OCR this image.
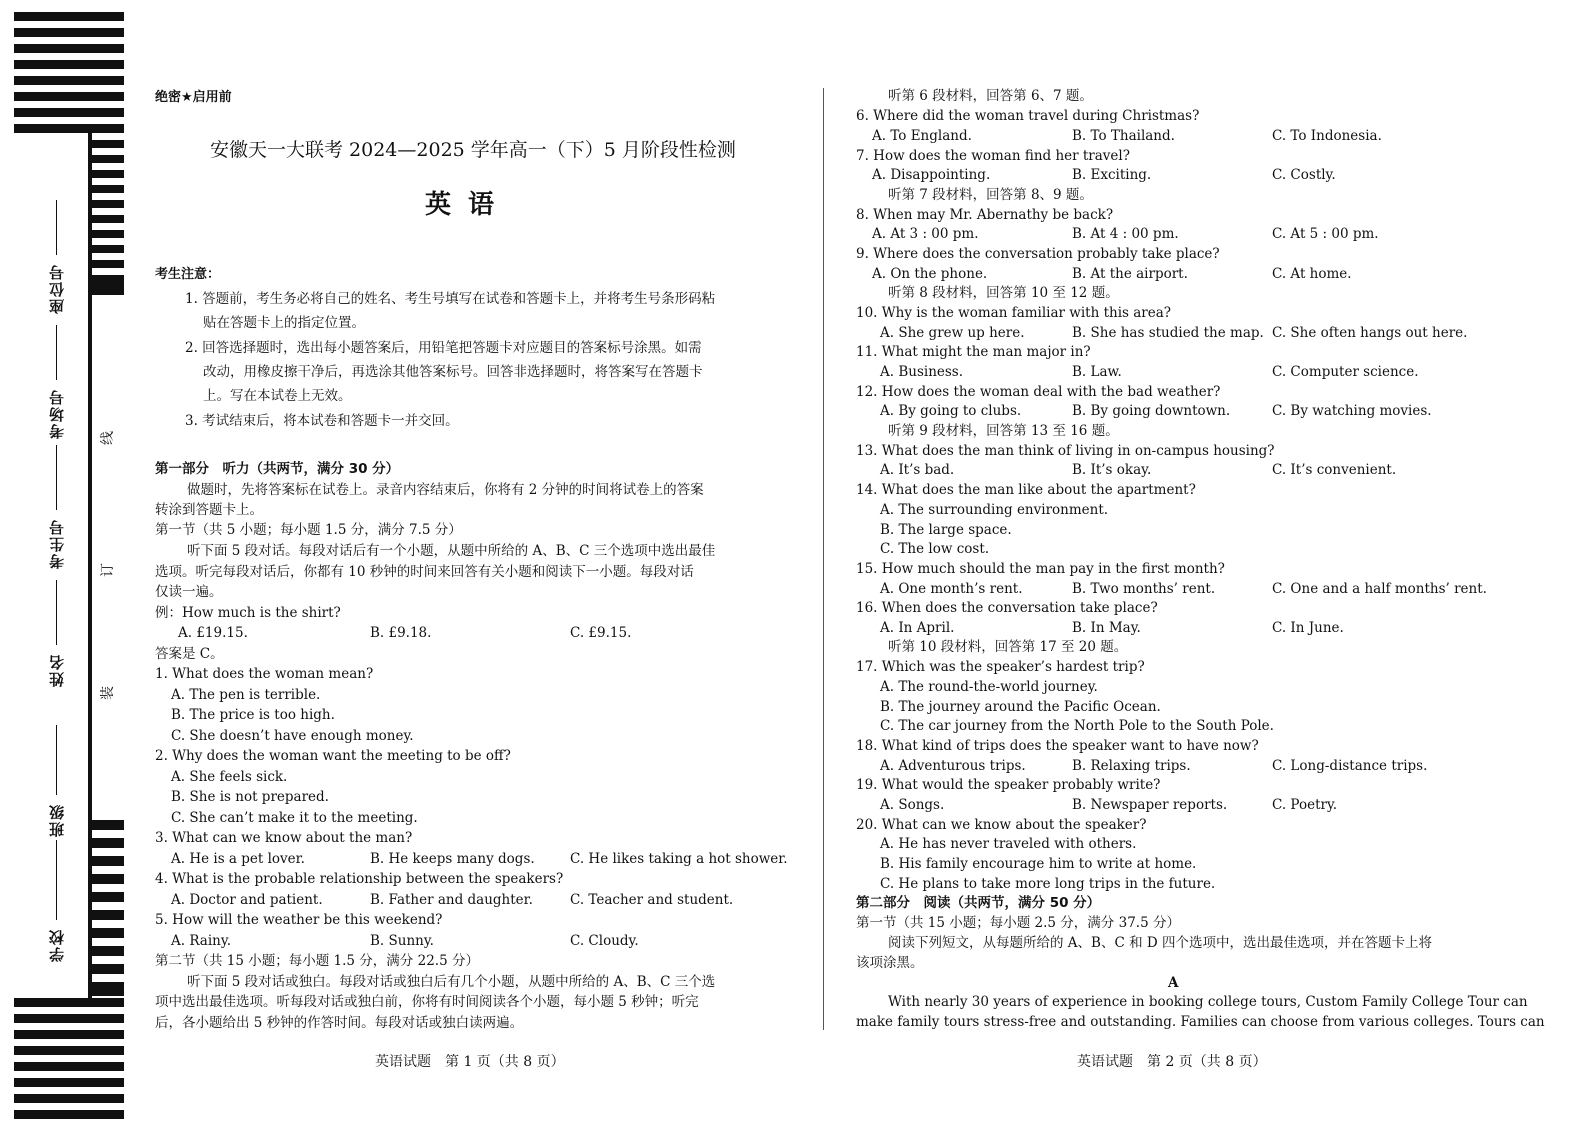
座位号
考场号
考生号
姓名
班级
学校
线
订
装
绝密★启用前
安徽天一大联考 2024—2025 学年高一（下）5 月阶段性检测
英 语
考生注意：
1. 答题前，考生务必将自己的姓名、考生号填写在试卷和答题卡上，并将考生号条形码粘
贴在答题卡上的指定位置。
2. 回答选择题时，选出每小题答案后，用铅笔把答题卡对应题目的答案标号涂黑。如需
改动，用橡皮擦干净后，再选涂其他答案标号。回答非选择题时，将答案写在答题卡
上。写在本试卷上无效。
3. 考试结束后，将本试卷和答题卡一并交回。
第一部分　听力（共两节，满分 30 分）
做题时，先将答案标在试卷上。录音内容结束后，你将有 2 分钟的时间将试卷上的答案
转涂到答题卡上。
第一节（共 5 小题；每小题 1.5 分，满分 7.5 分）
听下面 5 段对话。每段对话后有一个小题，从题中所给的 A、B、C 三个选项中选出最佳
选项。听完每段对话后，你都有 10 秒钟的时间来回答有关小题和阅读下一小题。每段对话
仅读一遍。
例：How much is the shirt?
A. £19.15.	B. £9.18.	C. £9.15.
答案是 C。
1. What does the woman mean?
A. The pen is terrible.
B. The price is too high.
C. She doesn’t have enough money.
2. Why does the woman want the meeting to be off?
A. She feels sick.
B. She is not prepared.
C. She can’t make it to the meeting.
3. What can we know about the man?
A. He is a pet lover.	B. He keeps many dogs.	C. He likes taking a hot shower.
4. What is the probable relationship between the speakers?
A. Doctor and patient.	B. Father and daughter.	C. Teacher and student.
5. How will the weather be this weekend?
A. Rainy.	B. Sunny.	C. Cloudy.
第二节（共 15 小题；每小题 1.5 分，满分 22.5 分）
听下面 5 段对话或独白。每段对话或独白后有几个小题，从题中所给的 A、B、C 三个选
项中选出最佳选项。听每段对话或独白前，你将有时间阅读各个小题，每小题 5 秒钟；听完
后，各小题给出 5 秒钟的作答时间。每段对话或独白读两遍。
英语试题　第 1 页（共 8 页）
听第 6 段材料，回答第 6、7 题。
6. Where did the woman travel during Christmas?
A. To England.	B. To Thailand.	C. To Indonesia.
7. How does the woman find her travel?
A. Disappointing.	B. Exciting.	C. Costly.
听第 7 段材料，回答第 8、9 题。
8. When may Mr. Abernathy be back?
A. At 3 : 00 pm.	B. At 4 : 00 pm.	C. At 5 : 00 pm.
9. Where does the conversation probably take place?
A. On the phone.	B. At the airport.	C. At home.
听第 8 段材料，回答第 10 至 12 题。
10. Why is the woman familiar with this area?
A. She grew up here.	B. She has studied the map. C. She often hangs out here.
11. What might the man major in?
A. Business.	B. Law.	C. Computer science.
12. How does the woman deal with the bad weather?
A. By going to clubs.	B. By going downtown.	C. By watching movies.
听第 9 段材料，回答第 13 至 16 题。
13. What does the man think of living in on-campus housing?
A. It’s bad.	B. It’s okay.	C. It’s convenient.
14. What does the man like about the apartment?
A. The surrounding environment.
B. The large space.
C. The low cost.
15. How much should the man pay in the first month?
A. One month’s rent.	B. Two months’ rent.	C. One and a half months’ rent.
16. When does the conversation take place?
A. In April.	B. In May.	C. In June.
听第 10 段材料，回答第 17 至 20 题。
17. Which was the speaker’s hardest trip?
A. The round-the-world journey.
B. The journey around the Pacific Ocean.
C. The car journey from the North Pole to the South Pole.
18. What kind of trips does the speaker want to have now?
A. Adventurous trips.	B. Relaxing trips.	C. Long-distance trips.
19. What would the speaker probably write?
A. Songs.	B. Newspaper reports.	C. Poetry.
20. What can we know about the speaker?
A. He has never traveled with others.
B. His family encourage him to write at home.
C. He plans to take more long trips in the future.
第二部分　阅读（共两节，满分 50 分）
第一节（共 15 小题；每小题 2.5 分，满分 37.5 分）
阅读下列短文，从每题所给的 A、B、C 和 D 四个选项中，选出最佳选项，并在答题卡上将
该项涂黑。
A
With nearly 30 years of experience in booking college tours, Custom Family College Tour can
make family tours stress-free and outstanding. Families can choose from various colleges. Tours can
英语试题　第 2 页（共 8 页）
